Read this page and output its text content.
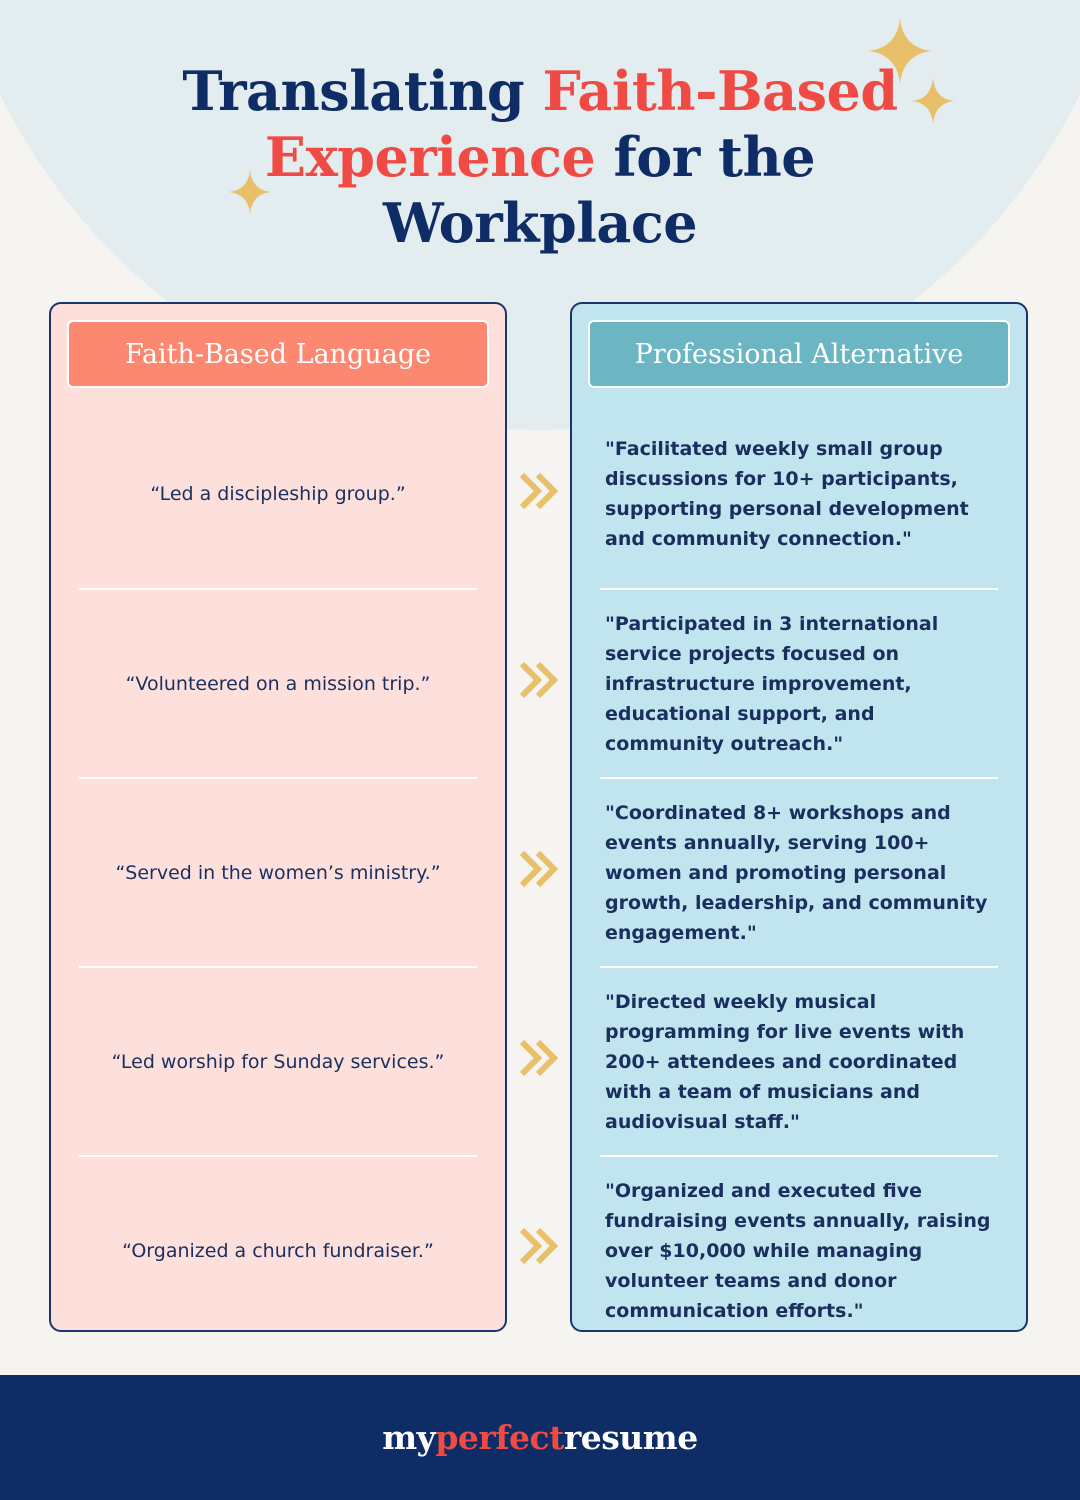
Translating Faith-Based Experience for the Workplace
Faith-Based Language
“Led a discipleship group.”
“Volunteered on a mission trip.”
“Served in the women’s ministry.”
“Led worship for Sunday services.”
“Organized a church fundraiser.”
Professional Alternative
"Facilitated weekly small group discussions for 10+ participants, supporting personal development and community connection."
"Participated in 3 international service projects focused on infrastructure improvement, educational support, and community outreach."
"Coordinated 8+ workshops and events annually, serving 100+ women and promoting personal growth, leadership, and community engagement."
"Directed weekly musical programming for live events with 200+ attendees and coordinated with a team of musicians and audiovisual staff."
"Organized and executed five fundraising events annually, raising over $10,000 while managing volunteer teams and donor communication efforts."
myperfectresume
